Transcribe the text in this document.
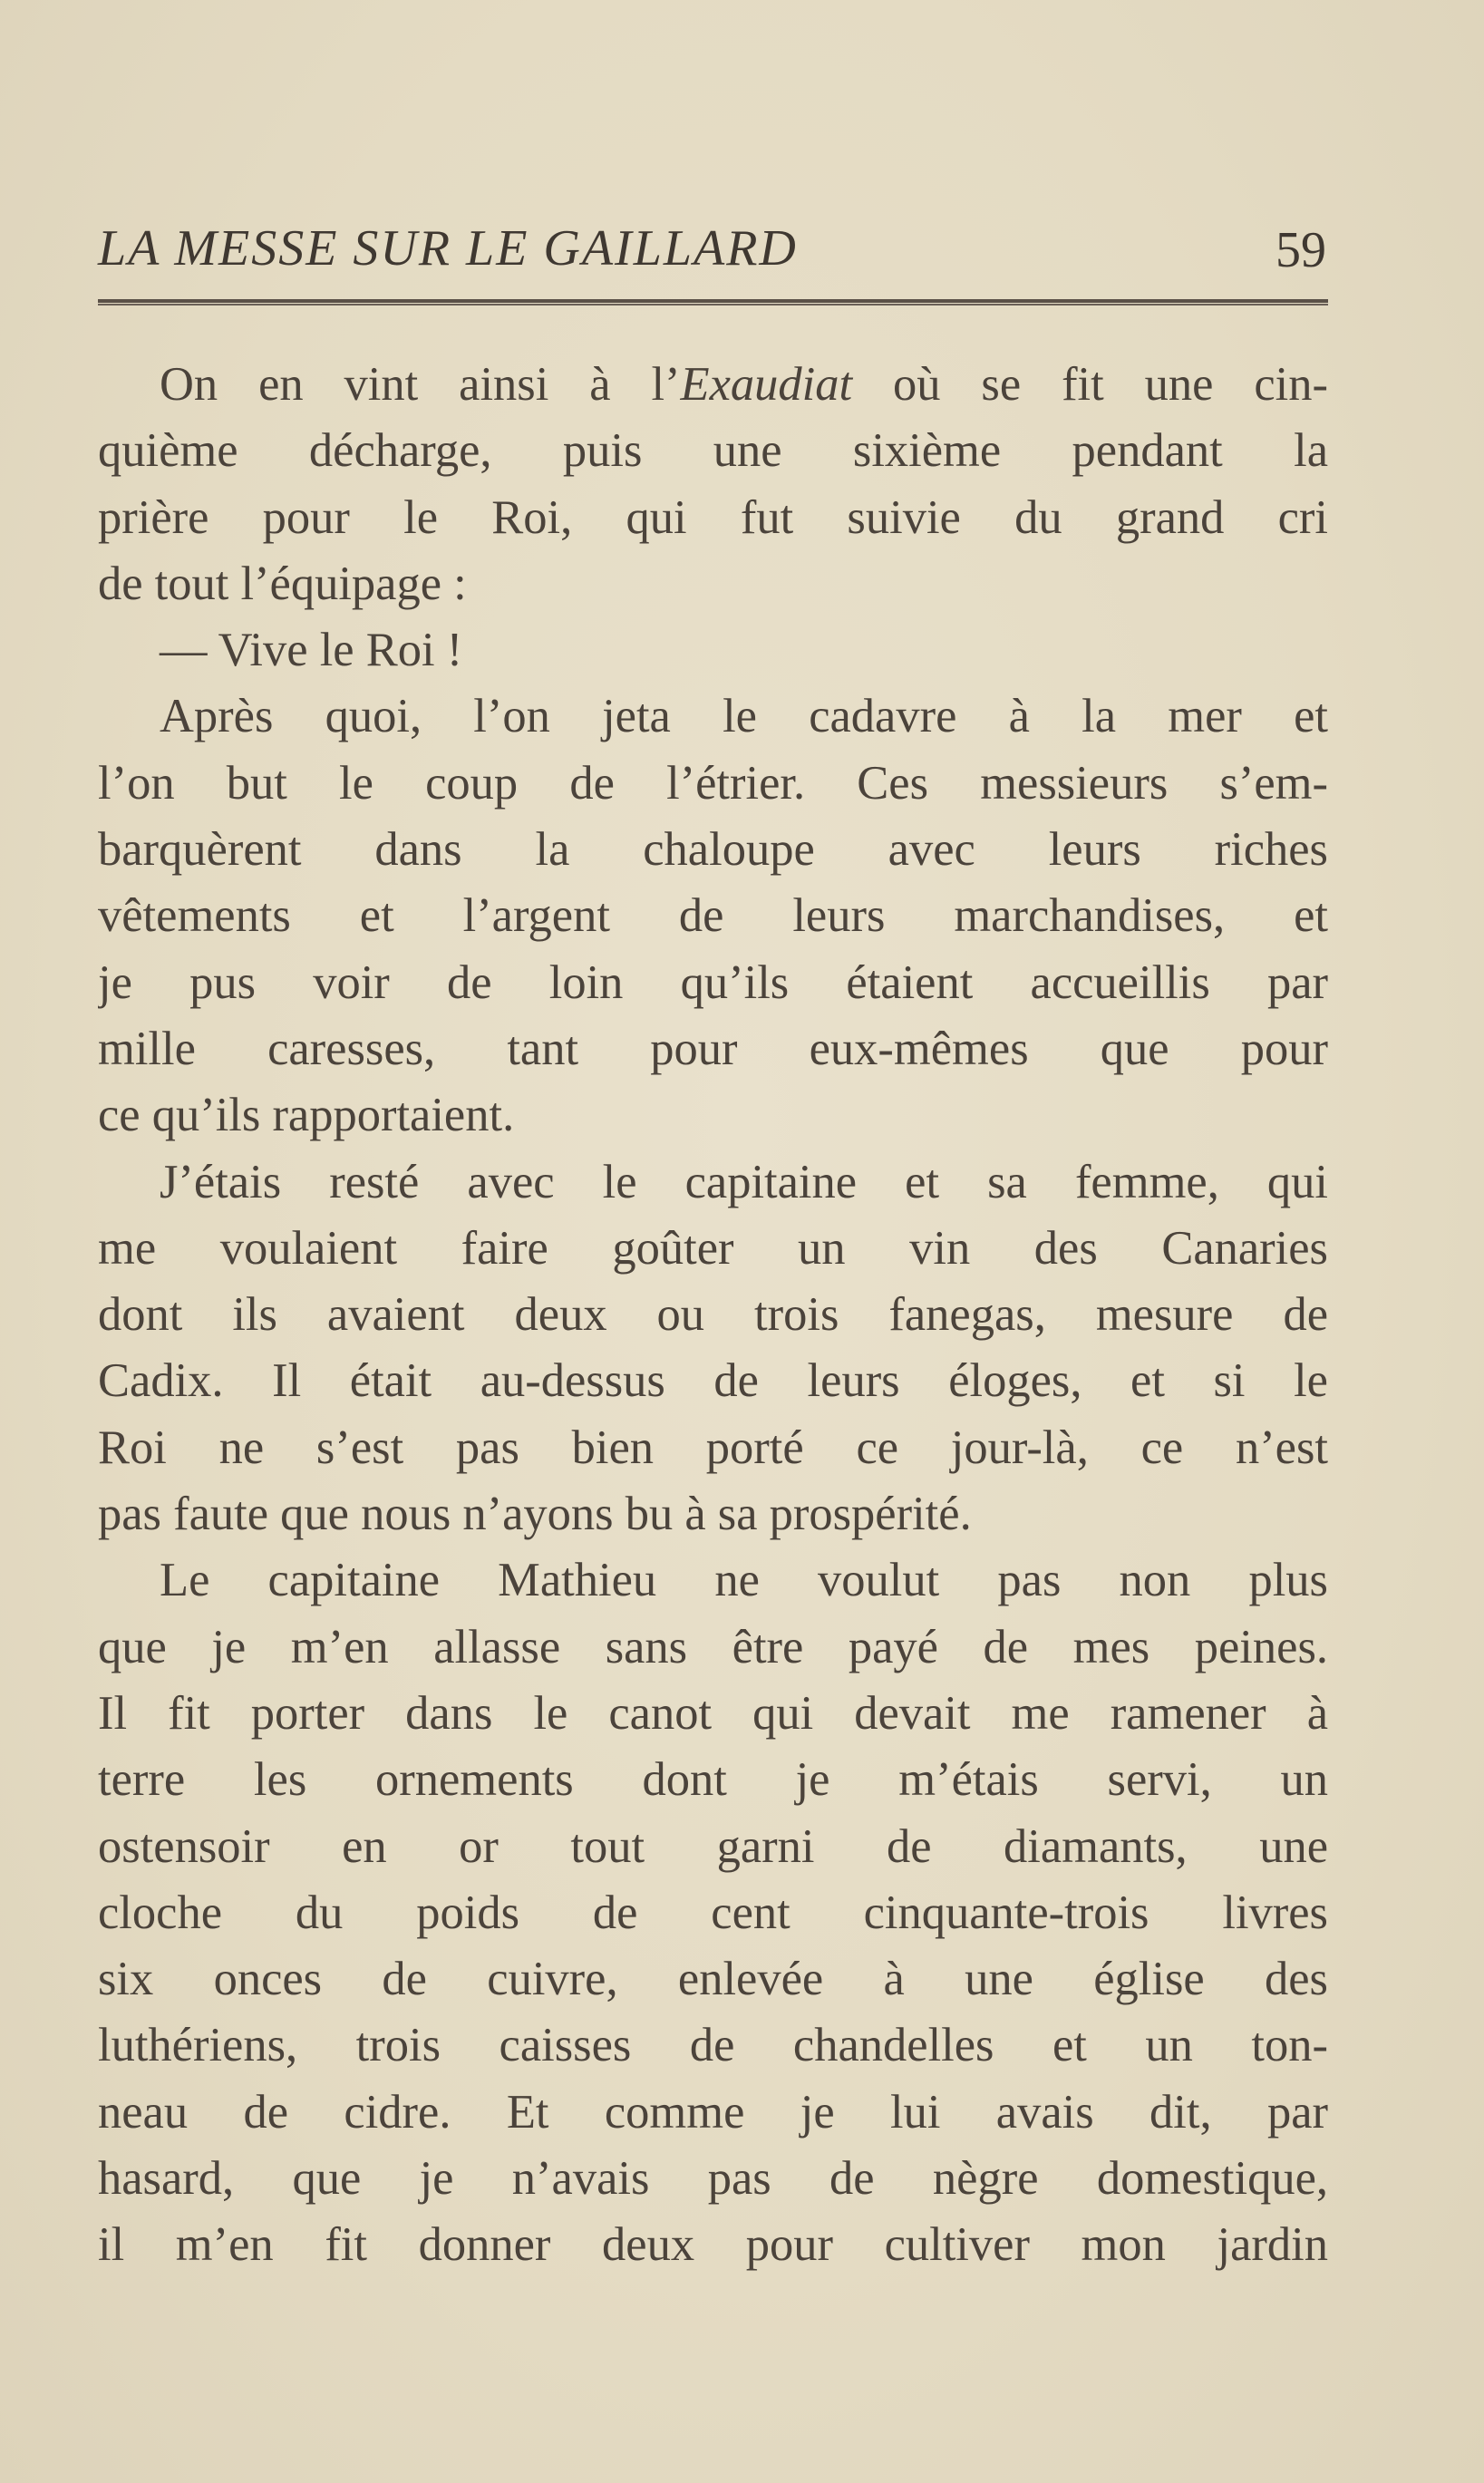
LA MESSE SUR LE GAILLARD	59
On en vint ainsi à l’Exaudiat où se fit une cin-
quième décharge, puis une sixième pendant la
prière pour le Roi, qui fut suivie du grand cri
de tout l’équipage :
— Vive le Roi !
Après quoi, l’on jeta le cadavre à la mer et
l’on but le coup de l’étrier. Ces messieurs s’em-
barquèrent dans la chaloupe avec leurs riches
vêtements et l’argent de leurs marchandises, et
je pus voir de loin qu’ils étaient accueillis par
mille caresses, tant pour eux-mêmes que pour
ce qu’ils rapportaient.
J’étais resté avec le capitaine et sa femme, qui
me voulaient faire goûter un vin des Canaries
dont ils avaient deux ou trois fanegas, mesure de
Cadix. Il était au-dessus de leurs éloges, et si le
Roi ne s’est pas bien porté ce jour-là, ce n’est
pas faute que nous n’ayons bu à sa prospérité.
Le capitaine Mathieu ne voulut pas non plus
que je m’en allasse sans être payé de mes peines.
Il fit porter dans le canot qui devait me ramener à
terre les ornements dont je m’étais servi, un
ostensoir en or tout garni de diamants, une
cloche du poids de cent cinquante-trois livres
six onces de cuivre, enlevée à une église des
luthériens, trois caisses de chandelles et un ton-
neau de cidre. Et comme je lui avais dit, par
hasard, que je n’avais pas de nègre domestique,
il m’en fit donner deux pour cultiver mon jardin
